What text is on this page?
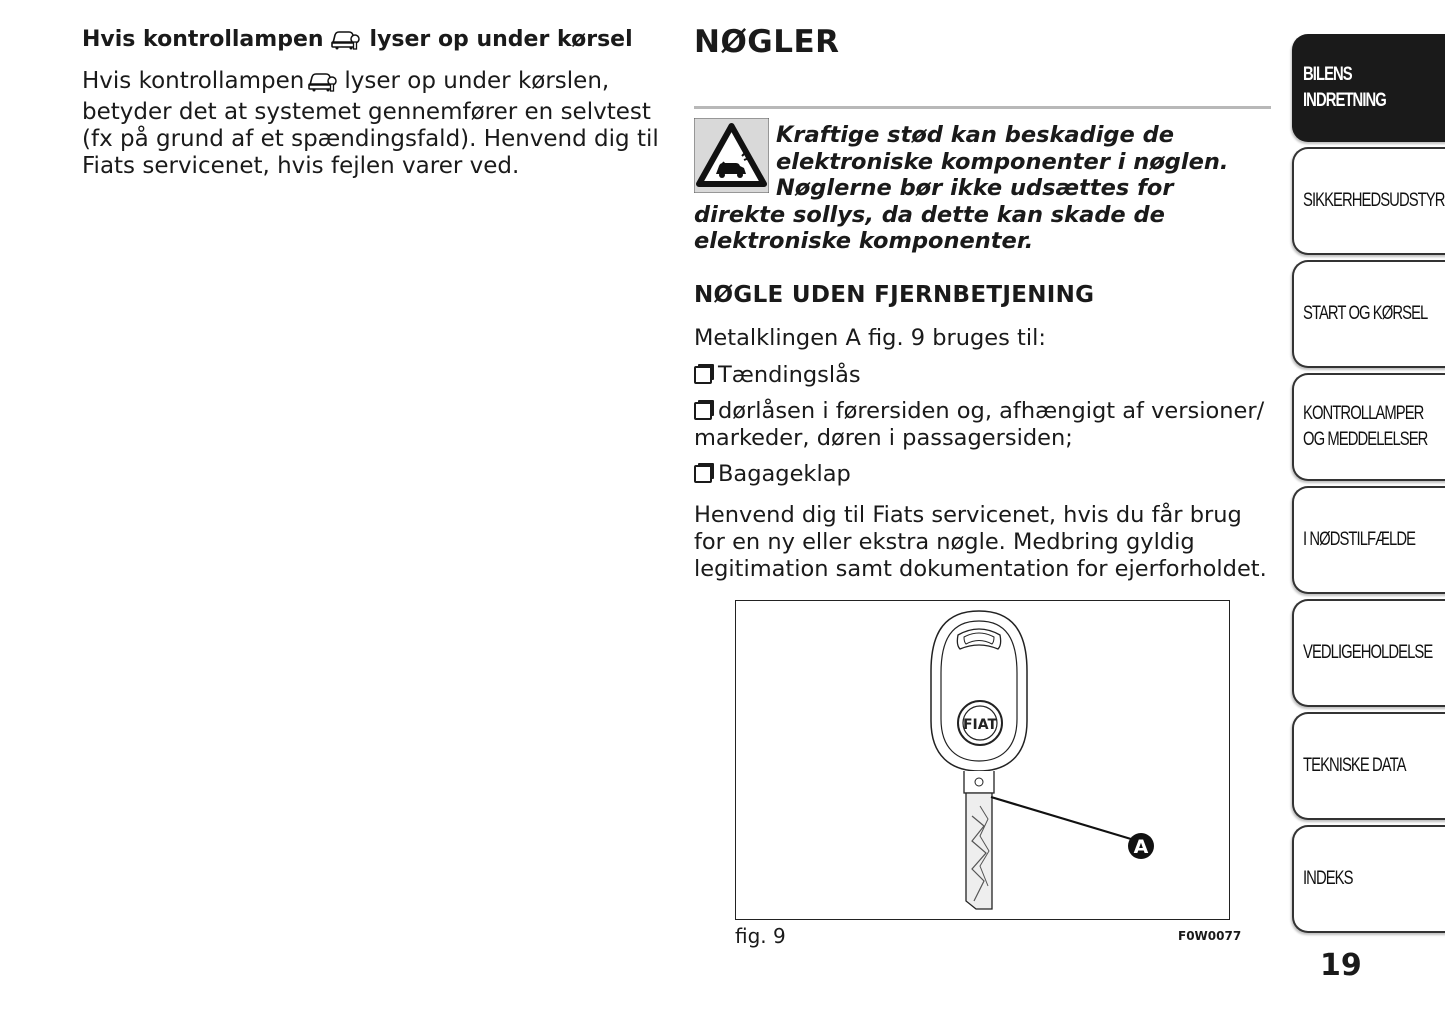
Hvis kontrollampen lyser op under kørsel
Hvis kontrollampen lyser op under kørslen, betyder det at systemet gennemfører en selvtest (fx på grund af et spændingsfald). Henvend dig til Fiats servicenet, hvis fejlen varer ved.
NØGLER
Kraftige stød kan beskadige de elektroniske komponenter i nøglen. Nøglerne bør ikke udsættes for direkte sollys, da dette kan skade de elektroniske komponenter.
NØGLE UDEN FJERNBETJENING
Metalklingen A fig. 9 bruges til:
Tændingslås
dørlåsen i førersiden og, afhængigt af versioner/ markeder, døren i passagersiden;
Bagageklap
Henvend dig til Fiats servicenet, hvis du får brug for en ny eller ekstra nøgle. Medbring gyldig legitimation samt dokumentation for ejerforholdet.
FIAT
A
fig. 9	F0W0077
BILENS
INDRETNING
SIKKERHEDSUDSTYR
START OG KØRSEL
KONTROLLAMPER
OG MEDDELELSER
I NØDSTILFÆLDE
VEDLIGEHOLDELSE
TEKNISKE DATA
INDEKS
19
